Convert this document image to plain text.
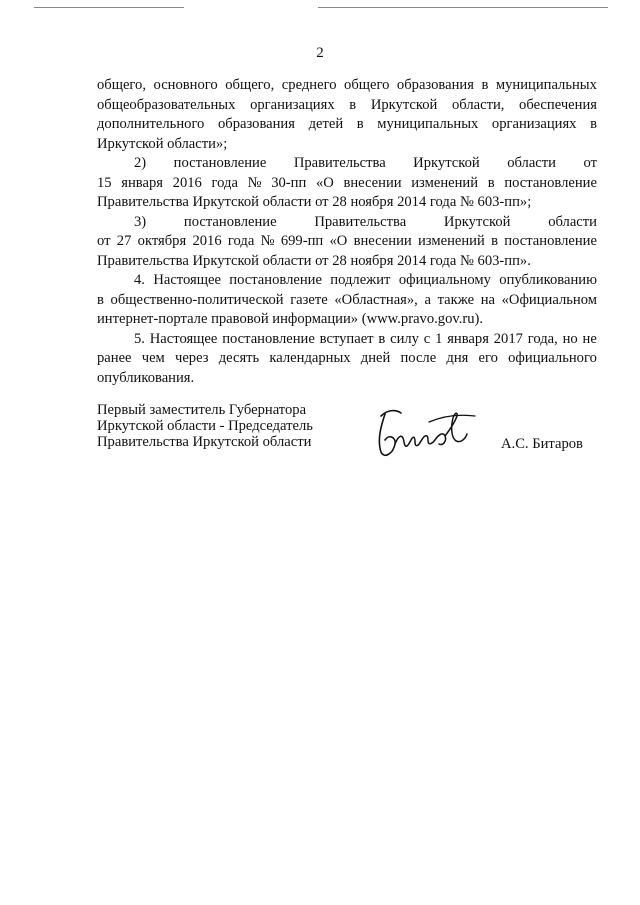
2
общего, основного общего, среднего общего образования в муниципальных
общеобразовательных организациях в Иркутской области, обеспечения
дополнительного образования детей в муниципальных организациях в
Иркутской области»;
2) постановление Правительства Иркутской области от
15 января 2016 года № 30-пп «О внесении изменений в постановление
Правительства Иркутской области от 28 ноября 2014 года № 603-пп»;
3)	постановление	Правительства	Иркутской	области
от 27 октября 2016 года № 699-пп «О внесении изменений в постановление
Правительства Иркутской области от 28 ноября 2014 года № 603-пп».
4. Настоящее постановление подлежит официальному опубликованию
в общественно-политической газете «Областная», а также на «Официальном
интернет-портале правовой информации» (www.pravo.gov.ru).
5. Настоящее постановление вступает в силу с 1 января 2017 года, но не
ранее чем через десять календарных дней после дня его официального
опубликования.
Первый заместитель Губернатора
Иркутской области - Председатель
Правительства Иркутской области	А.С. Битаров
